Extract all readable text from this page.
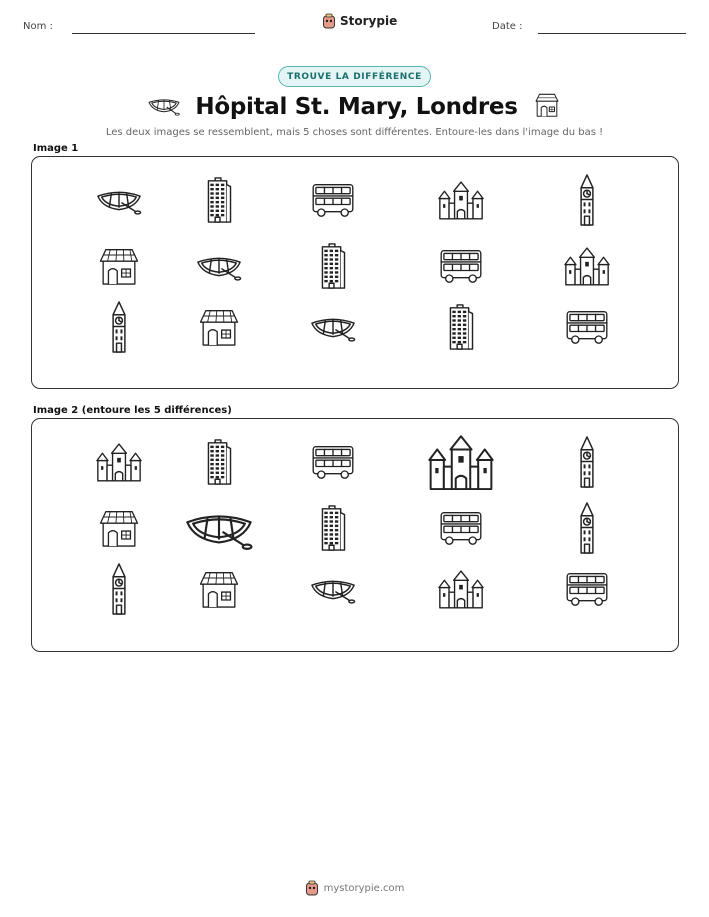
Nom :	Storypie	Date :
TROUVE LA DIFFÉRENCE
Hôpital St. Mary, Londres
Les deux images se ressemblent, mais 5 choses sont différentes. Entoure-les dans l'image du bas !
Image 1
Image 2 (entoure les 5 différences)
mystorypie.com
